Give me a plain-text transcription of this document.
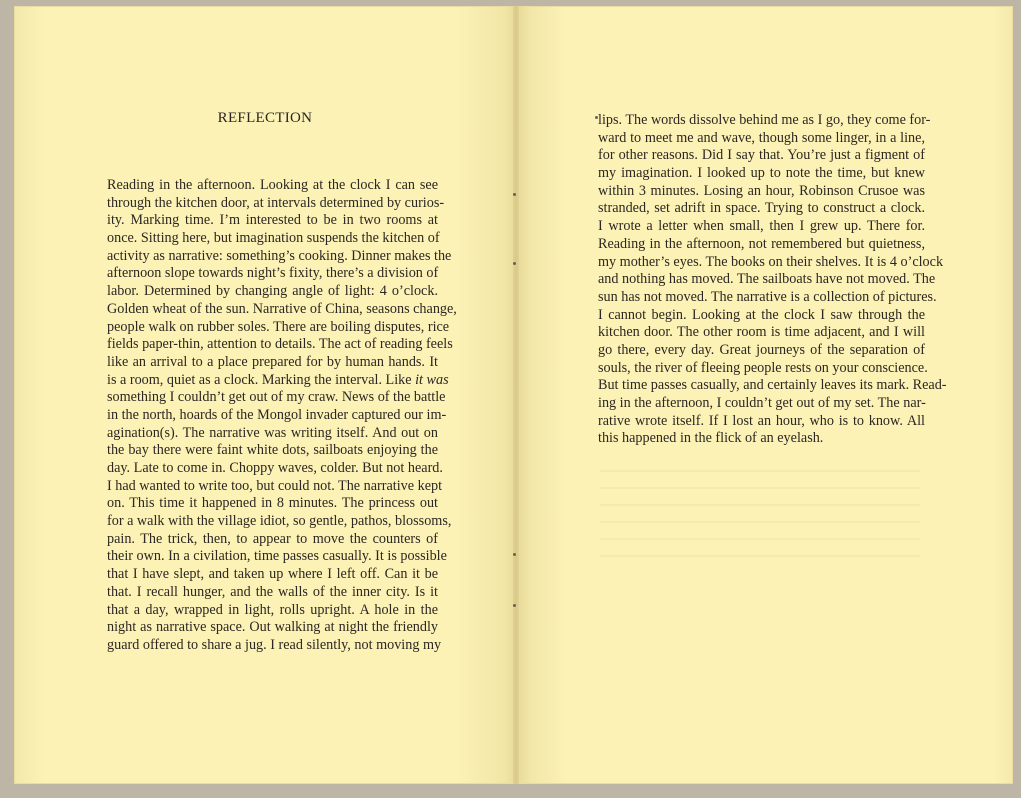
REFLECTION
Reading in the afternoon. Looking at the clock I can see
through the kitchen door, at intervals determined by curios-
ity. Marking time. I’m interested to be in two rooms at
once. Sitting here, but imagination suspends the kitchen of
activity as narrative: something’s cooking. Dinner makes the
afternoon slope towards night’s fixity, there’s a division of
labor. Determined by changing angle of light: 4 o’clock.
Golden wheat of the sun. Narrative of China, seasons change,
people walk on rubber soles. There are boiling disputes, rice
fields paper-thin, attention to details. The act of reading feels
like an arrival to a place prepared for by human hands. It
is a room, quiet as a clock. Marking the interval. Like it was
something I couldn’t get out of my craw. News of the battle
in the north, hoards of the Mongol invader captured our im-
agination(s). The narrative was writing itself. And out on
the bay there were faint white dots, sailboats enjoying the
day. Late to come in. Choppy waves, colder. But not heard.
I had wanted to write too, but could not. The narrative kept
on. This time it happened in 8 minutes. The princess out
for a walk with the village idiot, so gentle, pathos, blossoms,
pain. The trick, then, to appear to move the counters of
their own. In a civilation, time passes casually. It is possible
that I have slept, and taken up where I left off. Can it be
that. I recall hunger, and the walls of the inner city. Is it
that a day, wrapped in light, rolls upright. A hole in the
night as narrative space. Out walking at night the friendly
guard offered to share a jug. I read silently, not moving my
lips. The words dissolve behind me as I go, they come for-
ward to meet me and wave, though some linger, in a line,
for other reasons. Did I say that. You’re just a figment of
my imagination. I looked up to note the time, but knew
within 3 minutes. Losing an hour, Robinson Crusoe was
stranded, set adrift in space. Trying to construct a clock.
I wrote a letter when small, then I grew up. There for.
Reading in the afternoon, not remembered but quietness,
my mother’s eyes. The books on their shelves. It is 4 o’clock
and nothing has moved. The sailboats have not moved. The
sun has not moved. The narrative is a collection of pictures.
I cannot begin. Looking at the clock I saw through the
kitchen door. The other room is time adjacent, and I will
go there, every day. Great journeys of the separation of
souls, the river of fleeing people rests on your conscience.
But time passes casually, and certainly leaves its mark. Read-
ing in the afternoon, I couldn’t get out of my set. The nar-
rative wrote itself. If I lost an hour, who is to know. All
this happened in the flick of an eyelash.
